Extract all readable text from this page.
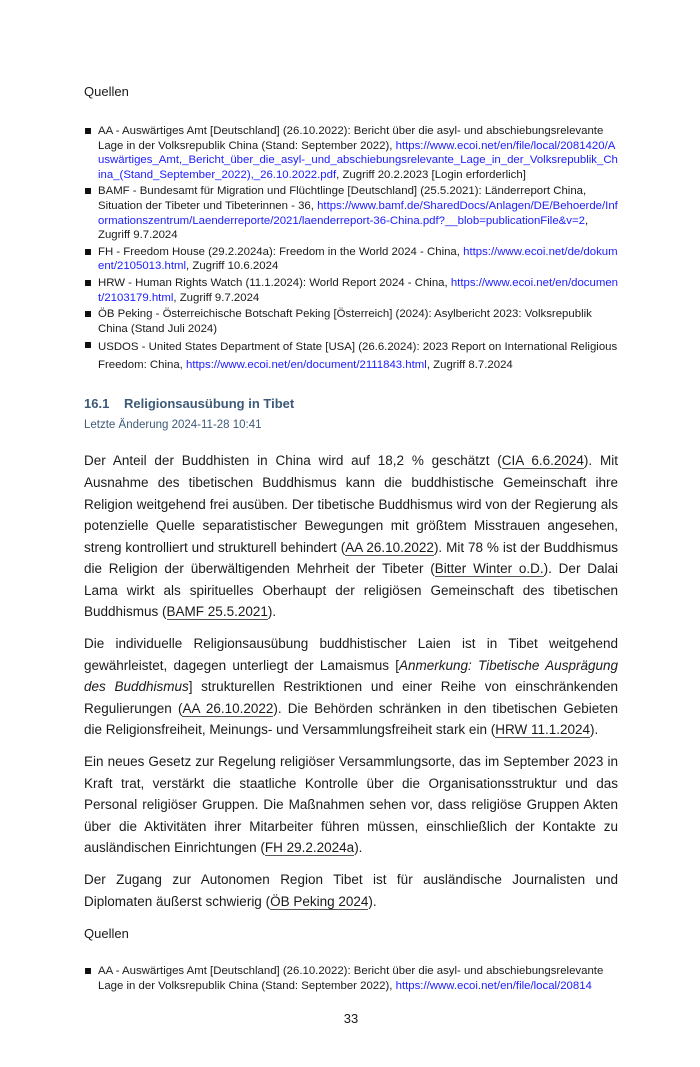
Quellen
AA - Auswärtiges Amt [Deutschland] (26.10.2022): Bericht über die asyl- und abschiebungsrelevante Lage in der Volksrepublik China (Stand: September 2022), https://www.ecoi.net/en/file/local/2081420/Auswärtiges_Amt,_Bericht_über_die_asyl-_und_abschiebungsrelevante_Lage_in_der_Volksrepublik_China_(Stand_September_2022),_26.10.2022.pdf, Zugriff 20.2.2023 [Login erforderlich]
BAMF - Bundesamt für Migration und Flüchtlinge [Deutschland] (25.5.2021): Länderreport China, Situation der Tibeter und Tibeterinnen - 36, https://www.bamf.de/SharedDocs/Anlagen/DE/Behoerde/Informationszentrum/Laenderreporte/2021/laenderreport-36-China.pdf?__blob=publicationFile&v=2, Zugriff 9.7.2024
FH - Freedom House (29.2.2024a): Freedom in the World 2024 - China, https://www.ecoi.net/de/dokument/2105013.html, Zugriff 10.6.2024
HRW - Human Rights Watch (11.1.2024): World Report 2024 - China, https://www.ecoi.net/en/document/2103179.html, Zugriff 9.7.2024
ÖB Peking - Österreichische Botschaft Peking [Österreich] (2024): Asylbericht 2023: Volksrepublik China (Stand Juli 2024)
USDOS - United States Department of State [USA] (26.6.2024): 2023 Report on International Religious Freedom: China, https://www.ecoi.net/en/document/2111843.html, Zugriff 8.7.2024
16.1 Religionsausübung in Tibet
Letzte Änderung 2024-11-28 10:41

Der Anteil der Buddhisten in China wird auf 18,2 % geschätzt (CIA 6.6.2024). Mit Ausnahme des tibetischen Buddhismus kann die buddhistische Gemeinschaft ihre Religion weitgehend frei ausüben. Der tibetische Buddhismus wird von der Regierung als potenzielle Quelle separatistischer Bewegungen mit größtem Misstrauen angesehen, streng kontrolliert und strukturell behindert (AA 26.10.2022). Mit 78 % ist der Buddhismus die Religion der überwältigenden Mehrheit der Tibeter (Bitter Winter o.D.). Der Dalai Lama wirkt als spirituelles Oberhaupt der religiösen Gemeinschaft des tibetischen Buddhismus (BAMF 25.5.2021).

Die individuelle Religionsausübung buddhistischer Laien ist in Tibet weitgehend gewährleistet, dagegen unterliegt der Lamaismus [Anmerkung: Tibetische Ausprägung des Buddhismus] strukturellen Restriktionen und einer Reihe von einschränkenden Regulierungen (AA 26.10.2022). Die Behörden schränken in den tibetischen Gebieten die Religionsfreiheit, Meinungs- und Versammlungsfreiheit stark ein (HRW 11.1.2024).

Ein neues Gesetz zur Regelung religiöser Versammlungsorte, das im September 2023 in Kraft trat, verstärkt die staatliche Kontrolle über die Organisationsstruktur und das Personal religiöser Gruppen. Die Maßnahmen sehen vor, dass religiöse Gruppen Akten über die Aktivitäten ihrer Mitarbeiter führen müssen, einschließlich der Kontakte zu ausländischen Einrichtungen (FH 29.2.2024a).

Der Zugang zur Autonomen Region Tibet ist für ausländische Journalisten und Diplomaten äußerst schwierig (ÖB Peking 2024).

Quellen
AA - Auswärtiges Amt [Deutschland] (26.10.2022): Bericht über die asyl- und abschiebungsrelevante Lage in der Volksrepublik China (Stand: September 2022), https://www.ecoi.net/en/file/local/20814
33
